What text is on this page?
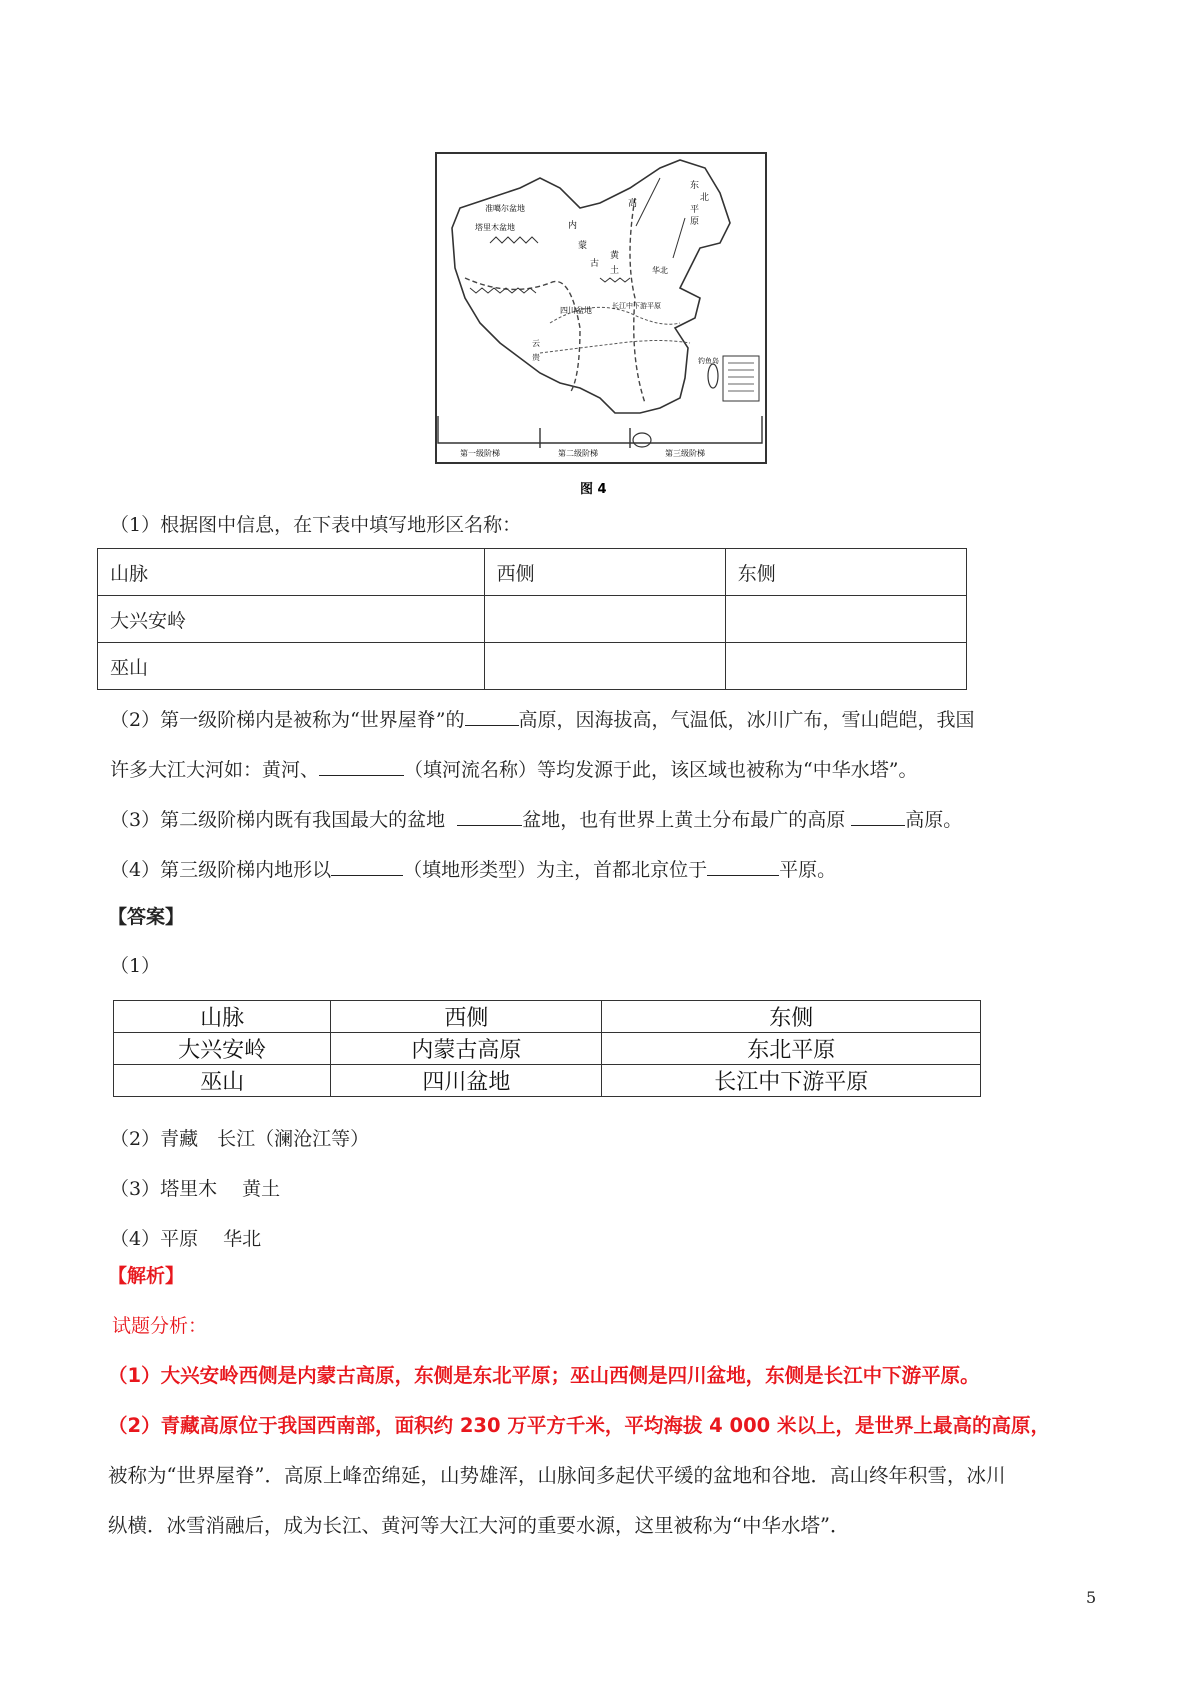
准噶尔盆地
塔里木盆地	内
蒙
古
高
黄
土
东
北
平
原
华北
四川盆地	长江中下游平原
钓鱼岛
云
贵
第一级阶梯	第二级阶梯	第三级阶梯
图 4
（1）根据图中信息，在下表中填写地形区名称：
山脉	西侧	东侧
大兴安岭		
巫山		
（2）第一级阶梯内是被称为“世界屋脊”的	高原，因海拔高，气温低，冰川广布，雪山皑皑，我国
许多大江大河如：黄河、	（填河流名称）等均发源于此，该区域也被称为“中华水塔”。
（3）第二级阶梯内既有我国最大的盆地	盆地，也有世界上黄土分布最广的高原	高原。
（4）第三级阶梯内地形以	（填地形类型）为主，首都北京位于	平原。
【答案】
（1）
山脉	西侧	东侧
大兴安岭	内蒙古高原	东北平原
巫山	四川盆地	长江中下游平原
（2）青藏　长江（澜沧江等）
（3）塔里木　 黄土
（4）平原　 华北
【解析】
试题分析：
（1）大兴安岭西侧是内蒙古高原，东侧是东北平原；巫山西侧是四川盆地，东侧是长江中下游平原。
（2）青藏高原位于我国西南部，面积约 230 万平方千米，平均海拔 4 000 米以上，是世界上最高的高原，
被称为“世界屋脊”．高原上峰峦绵延，山势雄浑，山脉间多起伏平缓的盆地和谷地．高山终年积雪，冰川
纵横．冰雪消融后，成为长江、黄河等大江大河的重要水源，这里被称为“中华水塔”．
5
